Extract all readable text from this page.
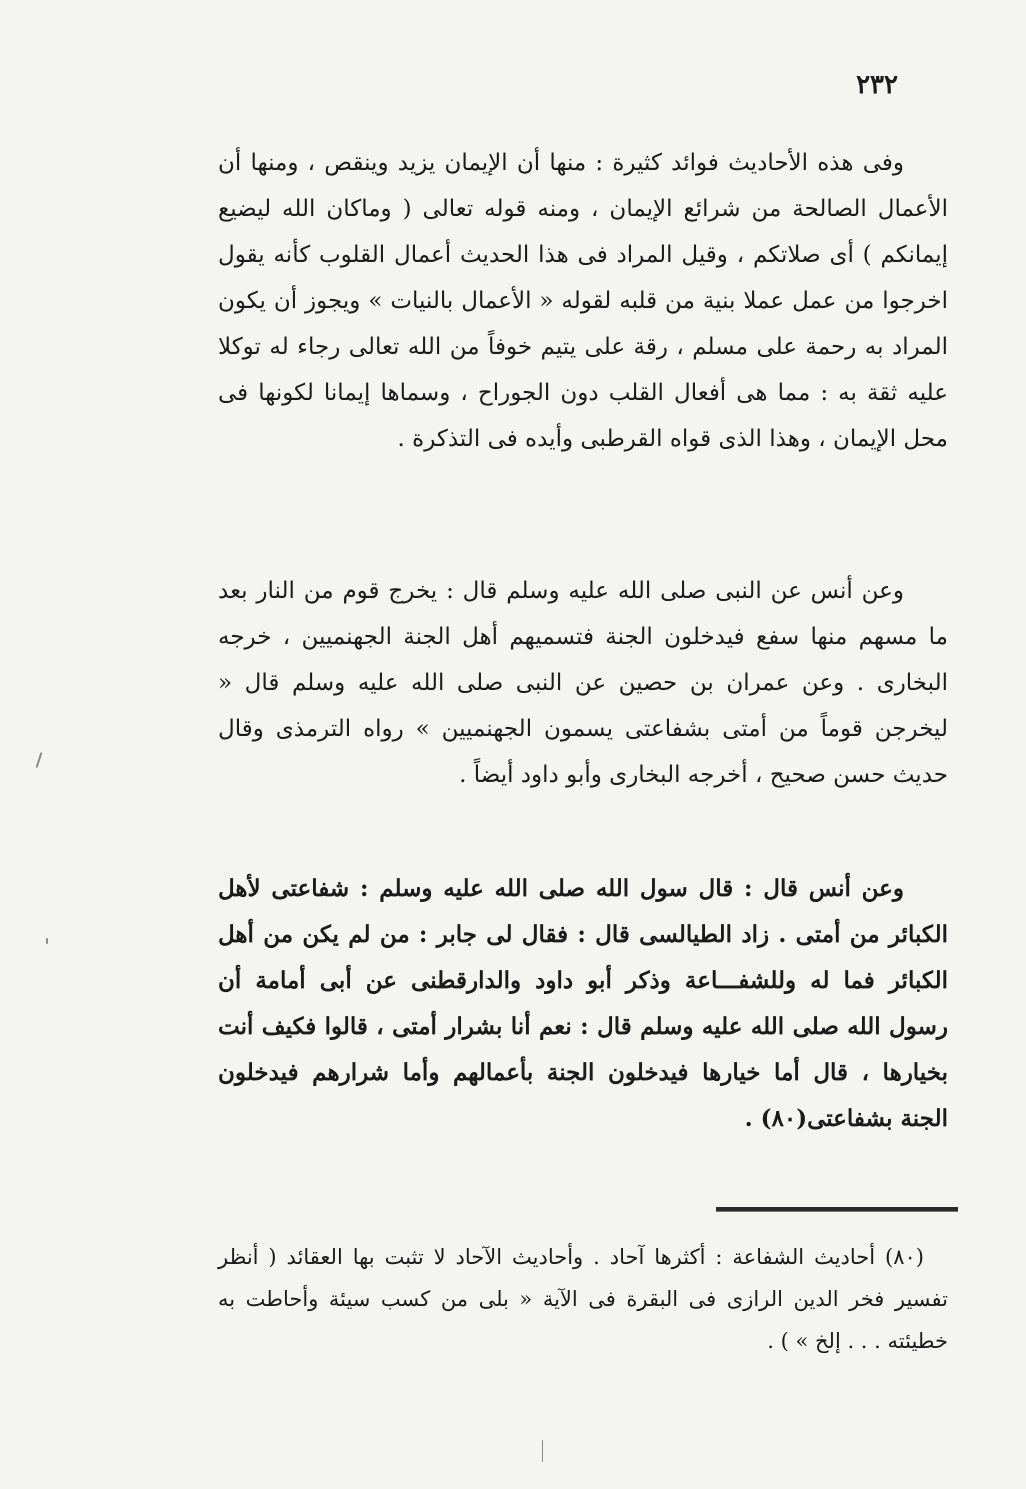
٢٣٢

وفى هذه الأحاديث فوائد كثيرة : منها أن الإيمان يزيد وينقص ، ومنها أن الأعمال الصالحة من شرائع الإيمان ، ومنه قوله تعالى ( وماكان الله ليضيع إيمانكم ) أى صلاتكم ، وقيل المراد فى هذا الحديث أعمال القلوب كأنه يقول اخرجوا من عمل عملا بنية من قلبه لقوله « الأعمال بالنيات » ويجوز أن يكون المراد به رحمة على مسلم ، رقة على يتيم خوفاً من الله تعالى رجاء له توكلا عليه ثقة به : مما هى أفعال القلب دون الجوراح ، وسماها إيمانا لكونها فى محل الإيمان ، وهذا الذى قواه القرطبى وأيده فى التذكرة .

وعن أنس عن النبى صلى الله عليه وسلم قال : يخرج قوم من النار بعد ما مسهم منها سفع فيدخلون الجنة فتسميهم أهل الجنة الجهنميين ، خرجه البخارى . وعن عمران بن حصين عن النبى صلى الله عليه وسلم قال « ليخرجن قوماً من أمتى بشفاعتى يسمون الجهنميين » رواه الترمذى وقال حديث حسن صحيح ، أخرجه البخارى وأبو داود أيضاً .

وعن أنس قال : قال سول الله صلى الله عليه وسلم : شفاعتى لأهل الكبائر من أمتى . زاد الطيالسى قال : فقال لى جابر : من لم يكن من أهل الكبائر فما له وللشفـــاعة وذكر أبو داود والدارقطنى عن أبى أمامة أن رسول الله صلى الله عليه وسلم قال : نعم أنا بشرار أمتى ، قالوا فكيف أنت بخيارها ، قال أما خيارها فيدخلون الجنة بأعمالهم وأما شرارهم فيدخلون الجنة بشفاعتى(٨٠) .

(٨٠) أحاديث الشفاعة : أكثرها آحاد . وأحاديث الآحاد لا تثبت بها العقائد ( أنظر تفسير فخر الدين الرازى فى البقرة فى الآية « بلى من كسب سيئة وأحاطت به خطيئته . . . إلخ » ) .
